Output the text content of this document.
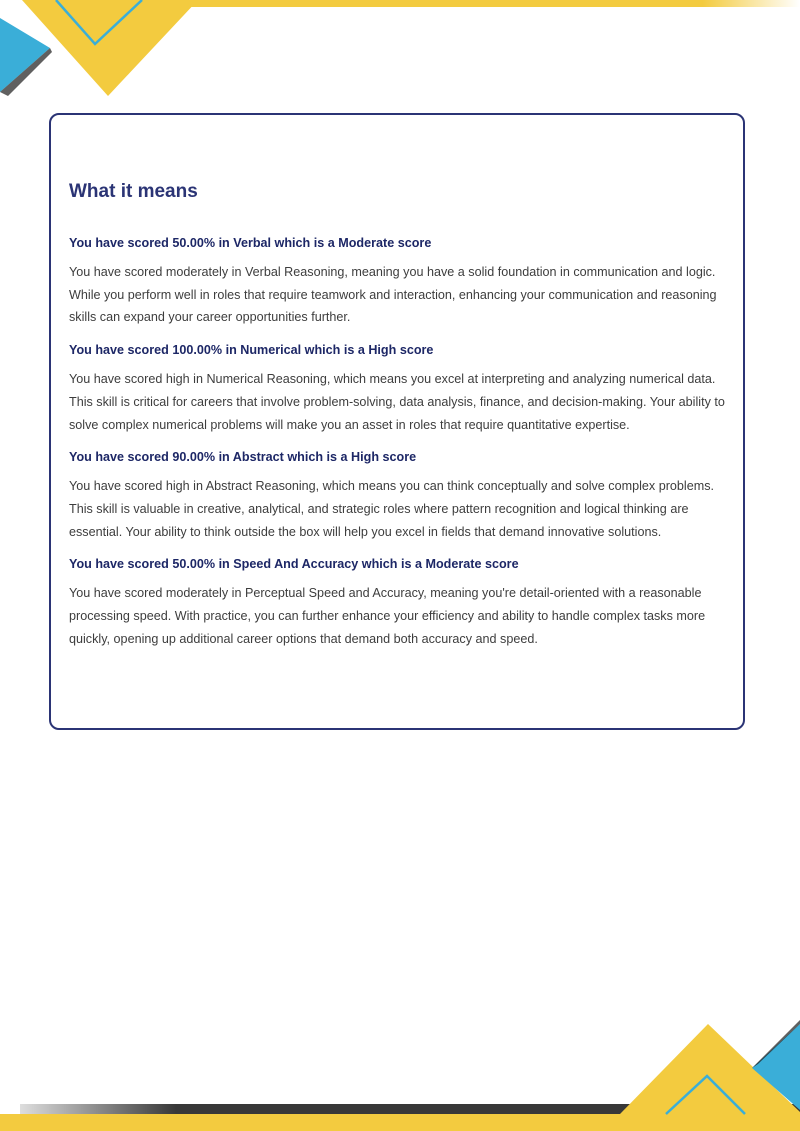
What it means
You have scored 50.00% in Verbal which is a Moderate score

You have scored moderately in Verbal Reasoning, meaning you have a solid foundation in communication and logic. While you perform well in roles that require teamwork and interaction, enhancing your communication and reasoning skills can expand your career opportunities further.

You have scored 100.00% in Numerical which is a High score

You have scored high in Numerical Reasoning, which means you excel at interpreting and analyzing numerical data. This skill is critical for careers that involve problem-solving, data analysis, finance, and decision-making. Your ability to solve complex numerical problems will make you an asset in roles that require quantitative expertise.

You have scored 90.00% in Abstract which is a High score

You have scored high in Abstract Reasoning, which means you can think conceptually and solve complex problems. This skill is valuable in creative, analytical, and strategic roles where pattern recognition and logical thinking are essential. Your ability to think outside the box will help you excel in fields that demand innovative solutions.

You have scored 50.00% in Speed And Accuracy which is a Moderate score

You have scored moderately in Perceptual Speed and Accuracy, meaning you're detail-oriented with a reasonable processing speed. With practice, you can further enhance your efficiency and ability to handle complex tasks more quickly, opening up additional career options that demand both accuracy and speed.
